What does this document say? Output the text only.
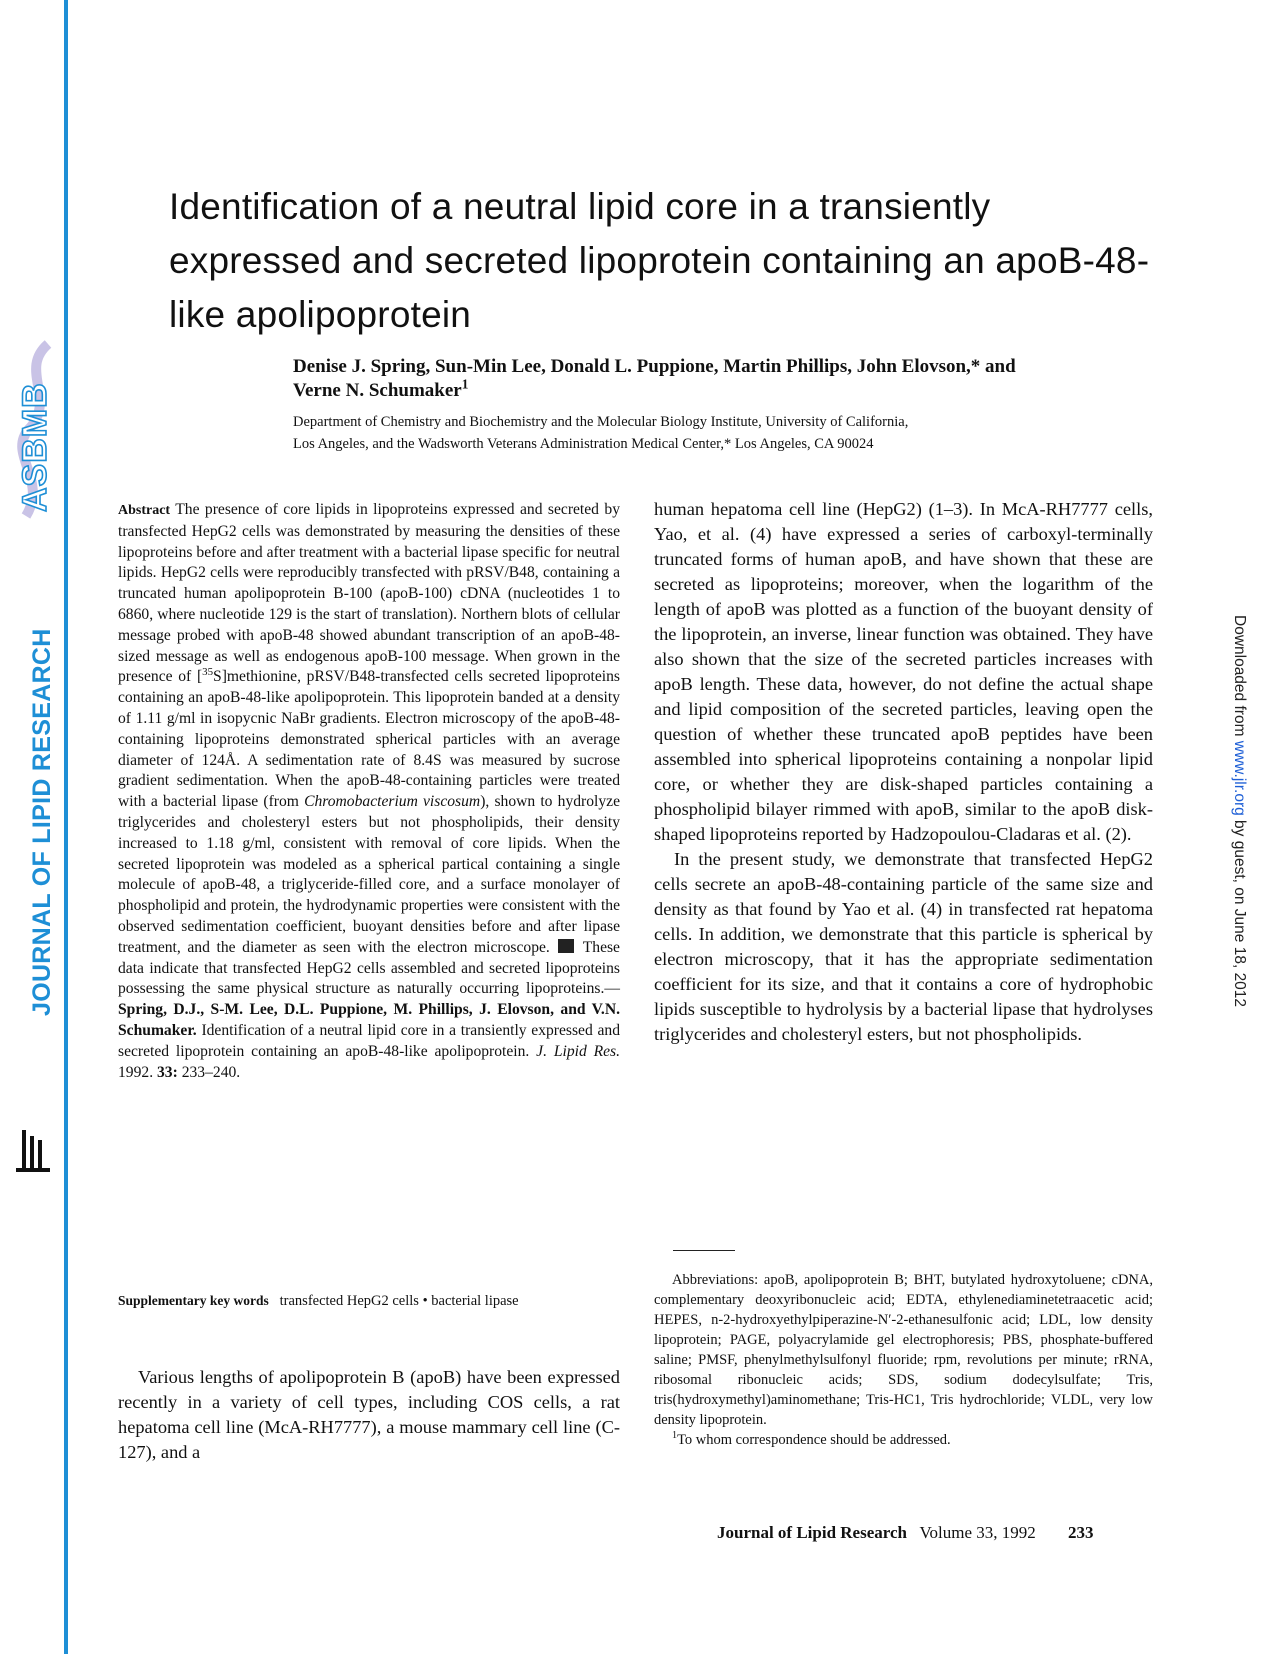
ASBMB
JOURNAL OF LIPID RESEARCH
JLR
Downloaded from www.jlr.org by guest, on June 18, 2012
Identification of a neutral lipid core in a transiently expressed and secreted lipoprotein containing an apoB-48-like apolipoprotein
Denise J. Spring, Sun-Min Lee, Donald L. Puppione, Martin Phillips, John Elovson,* and
Verne N. Schumaker$^1$
Department of Chemistry and Biochemistry and the Molecular Biology Institute, University of California,
Los Angeles, and the Wadsworth Veterans Administration Medical Center,* Los Angeles, CA 90024
Abstract The presence of core lipids in lipoproteins expressed and secreted by transfected HepG2 cells was demonstrated by measuring the densities of these lipoproteins before and after treatment with a bacterial lipase specific for neutral lipids. HepG2 cells were reproducibly transfected with pRSV/B48, containing a truncated human apolipoprotein B-100 (apoB-100) cDNA (nucleotides 1 to 6860, where nucleotide 129 is the start of translation). Northern blots of cellular message probed with apoB-48 showed abundant transcription of an apoB-48-sized message as well as endogenous apoB-100 message. When grown in the presence of [$^{35}$S]methionine, pRSV/B48-transfected cells secreted lipoproteins containing an apoB-48-like apolipoprotein. This lipoprotein banded at a density of 1.11 g/ml in isopycnic NaBr gradients. Electron microscopy of the apoB-48-containing lipoproteins demonstrated spherical particles with an average diameter of 124Å. A sedimentation rate of 8.4S was measured by sucrose gradient sedimentation. When the apoB-48-containing particles were treated with a bacterial lipase (from Chromobacterium viscosum), shown to hydrolyze triglycerides and cholesteryl esters but not phospholipids, their density increased to 1.18 g/ml, consistent with removal of core lipids. When the secreted lipoprotein was modeled as a spherical partical containing a single molecule of apoB-48, a triglyceride-filled core, and a surface monolayer of phospholipid and protein, the hydrodynamic properties were consistent with the observed sedimentation coefficient, buoyant densities before and after lipase treatment, and the diameter as seen with the electron microscope. These data indicate that transfected HepG2 cells assembled and secreted lipoproteins possessing the same physical structure as naturally occurring lipoproteins.—Spring, D.J., S-M. Lee, D.L. Puppione, M. Phillips, J. Elovson, and V.N. Schumaker. Identification of a neutral lipid core in a transiently expressed and secreted lipoprotein containing an apoB-48-like apolipoprotein. J. Lipid Res. 1992. 33: 233–240.
Supplementary key words transfected HepG2 cells • bacterial lipase
Various lengths of apolipoprotein B (apoB) have been expressed recently in a variety of cell types, including COS cells, a rat hepatoma cell line (McA-RH7777), a mouse mammary cell line (C-127), and a

human hepatoma cell line (HepG2) (1–3). In McA-RH7777 cells, Yao, et al. (4) have expressed a series of carboxyl-terminally truncated forms of human apoB, and have shown that these are secreted as lipoproteins; moreover, when the logarithm of the length of apoB was plotted as a function of the buoyant density of the lipoprotein, an inverse, linear function was obtained. They have also shown that the size of the secreted particles increases with apoB length. These data, however, do not define the actual shape and lipid composition of the secreted particles, leaving open the question of whether these truncated apoB peptides have been assembled into spherical lipoproteins containing a nonpolar lipid core, or whether they are disk-shaped particles containing a phospholipid bilayer rimmed with apoB, similar to the apoB disk-shaped lipoproteins reported by Hadzopoulou-Cladaras et al. (2).

In the present study, we demonstrate that transfected HepG2 cells secrete an apoB-48-containing particle of the same size and density as that found by Yao et al. (4) in transfected rat hepatoma cells. In addition, we demonstrate that this particle is spherical by electron microscopy, that it has the appropriate sedimentation coefficient for its size, and that it contains a core of hydrophobic lipids susceptible to hydrolysis by a bacterial lipase that hydrolyses triglycerides and cholesteryl esters, but not phospholipids.

Abbreviations: apoB, apolipoprotein B; BHT, butylated hydroxytoluene; cDNA, complementary deoxyribonucleic acid; EDTA, ethylenediaminetetraacetic acid; HEPES, n-2-hydroxyethylpiperazine-N′-2-ethanesulfonic acid; LDL, low density lipoprotein; PAGE, polyacrylamide gel electrophoresis; PBS, phosphate-buffered saline; PMSF, phenylmethylsulfonyl fluoride; rpm, revolutions per minute; rRNA, ribosomal ribonucleic acids; SDS, sodium dodecylsulfate; Tris, tris(hydroxymethyl)aminomethane; Tris-HC1, Tris hydrochloride; VLDL, very low density lipoprotein.

$^1$To whom correspondence should be addressed.

Journal of Lipid Research Volume 33, 1992 233
